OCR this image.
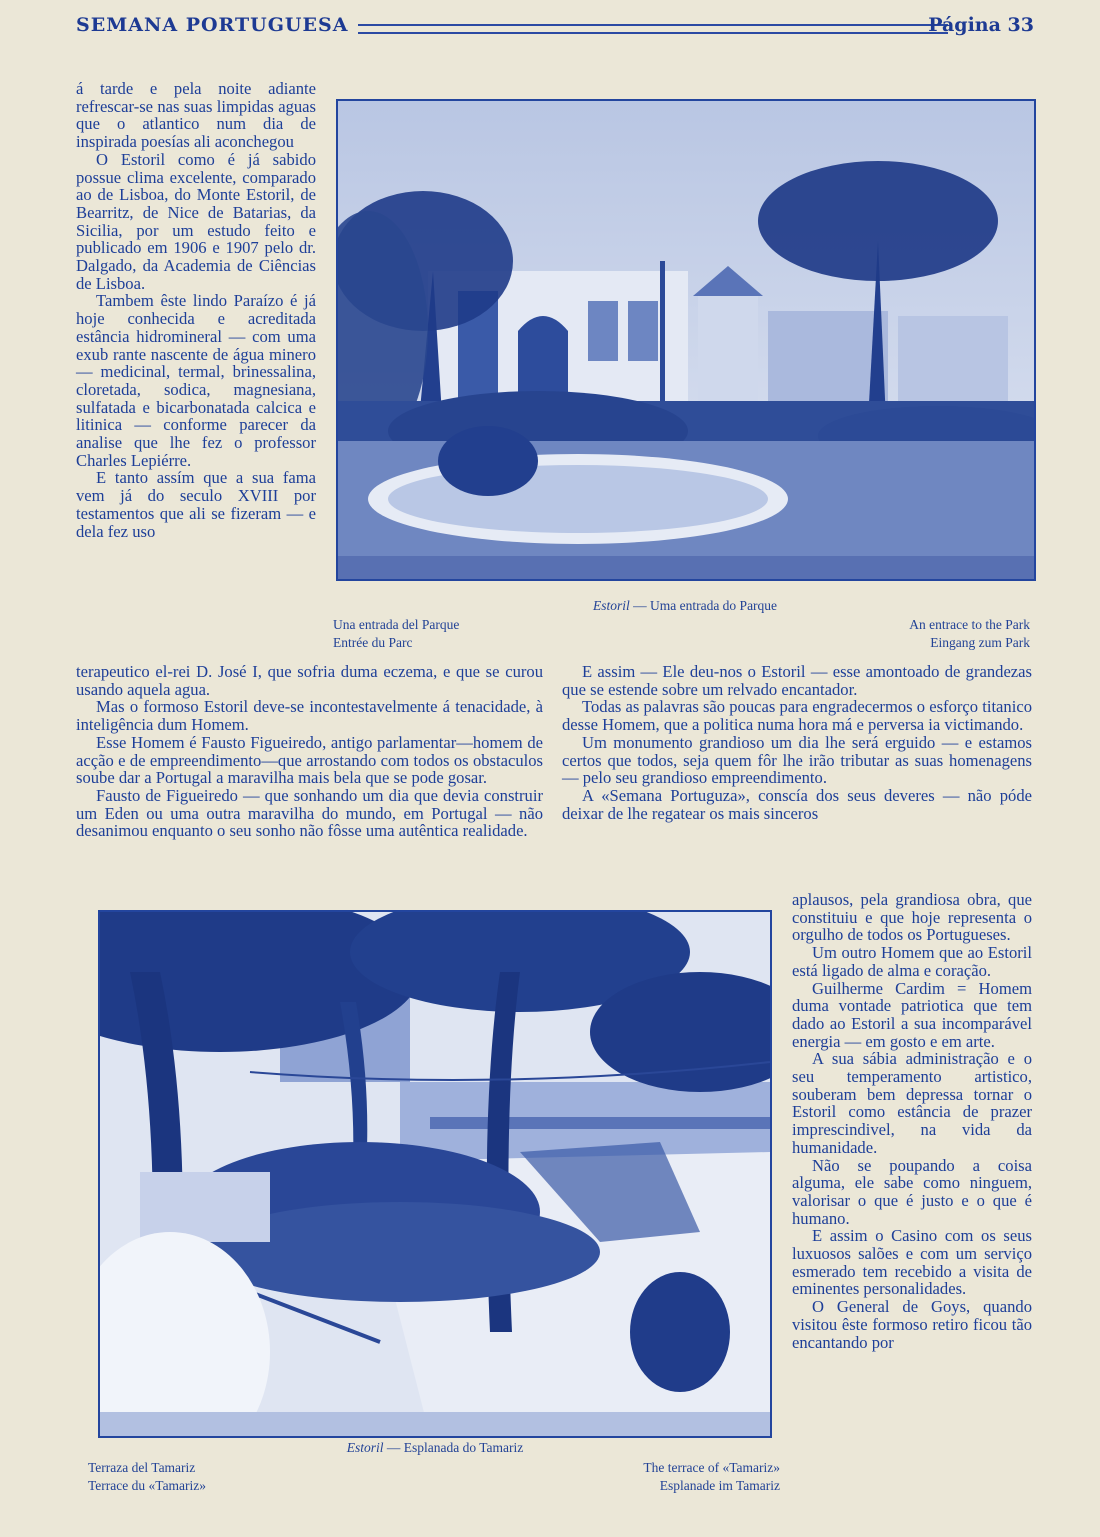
SEMANA PORTUGUESA	Página 33

á tarde e pela noite adiante refrescar-se nas suas limpidas aguas que o atlantico num dia de inspirada poesías ali aconchegou

O Estoril como é já sabido possue clima excelente, comparado ao de Lisboa, do Monte Estoril, de Bearritz, de Nice de Batarias, da Sicilia, por um estudo feito e publicado em 1906 e 1907 pelo dr. Dalgado, da Academia de Ciências de Lisboa.

Tambem êste lindo Paraízo é já hoje conhecida e acreditada estância hidromineral — com uma exub rante nascente de água minero — medicinal, termal, brinessalina, cloretada, sodica, magnesiana, sulfatada e bicarbonatada calcica e litinica — conforme parecer da analise que lhe fez o professor Charles Lepiérre.

E tanto assím que a sua fama vem já do seculo XVIII por testamentos que ali se fizeram — e dela fez uso

Una entrada del Parque
Entrée du Parc
Estoril — Uma entrada do Parque
An entrace to the Park
Eingang zum Park

terapeutico el-rei D. José I, que sofria duma eczema, e que se curou usando aquela agua.

Mas o formoso Estoril deve-se incontestavelmente á tenacidade, à inteligência dum Homem.

Esse Homem é Fausto Figueiredo, antigo parlamentar—homem de acção e de empreendimento—que arrostando com todos os obstaculos soube dar a Portugal a maravilha mais bela que se pode gosar.

Fausto de Figueiredo — que sonhando um dia que devia construir um Eden ou uma outra maravilha do mundo, em Portugal — não desanimou enquanto o seu sonho não fôsse uma autêntica realidade.

E assim — Ele deu-nos o Estoril — esse amontoado de grandezas que se estende sobre um relvado encantador.

Todas as palavras são poucas para engradecermos o esforço titanico desse Homem, que a politica numa hora má e perversa ia victimando.

Um monumento grandioso um dia lhe será erguido — e estamos certos que todos, seja quem fôr lhe irão tributar as suas homenagens — pelo seu grandioso empreendimento.

A «Semana Portuguza», conscía dos seus deveres — não póde deixar de lhe regatear os mais sinceros

aplausos, pela grandiosa obra, que constituiu e que hoje representa o orgulho de todos os Portugueses.

Um outro Homem que ao Estoril está ligado de alma e coração.

Guilherme Cardim = Homem duma vontade patriotica que tem dado ao Estoril a sua incomparável energia — em gosto e em arte.

A sua sábia administração e o seu temperamento artistico, souberam bem depressa tornar o Estoril como estância de prazer imprescindivel, na vida da humanidade.

Não se poupando a coisa alguma, ele sabe como ninguem, valorisar o que é justo e o que é humano.

E assim o Casino com os seus luxuosos salões e com um serviço esmerado tem recebido a visita de eminentes personalidades.

O General de Goys, quando visitou êste formoso retiro ficou tão encantando por

Estoril — Esplanada do Tamariz
Terraza del Tamariz
Terrace du «Tamariz»
The terrace of «Tamariz»
Esplanade im Tamariz
